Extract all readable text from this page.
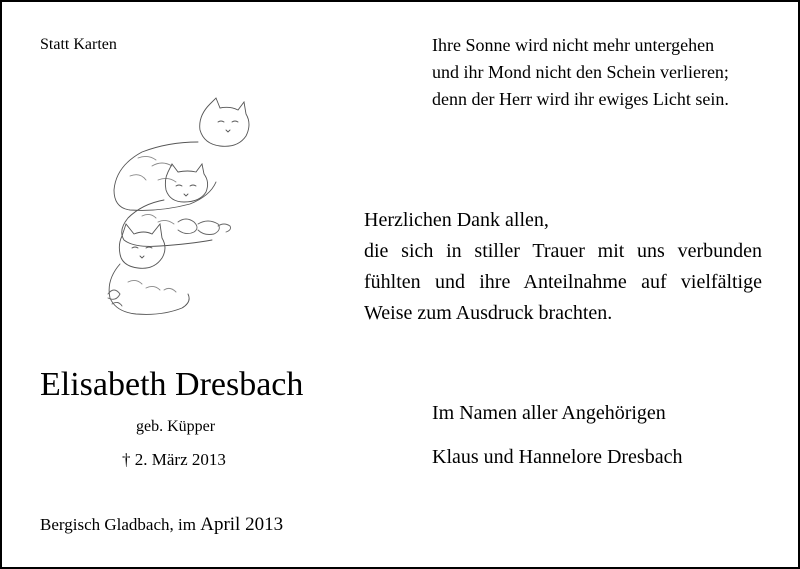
Statt Karten	Ihre Sonne wird nicht mehr untergehen
und ihr Mond nicht den Schein verlieren;
denn der Herr wird ihr ewiges Licht sein.
Herzlichen Dank allen,
die sich in stiller Trauer mit uns verbunden
fühlten und ihre Anteilnahme auf vielfältige
Weise zum Ausdruck brachten.
Elisabeth Dresbach
geb. Küpper
† 2. März 2013
Im Namen aller Angehörigen
Klaus und Hannelore Dresbach
Bergisch Gladbach, im April 2013
